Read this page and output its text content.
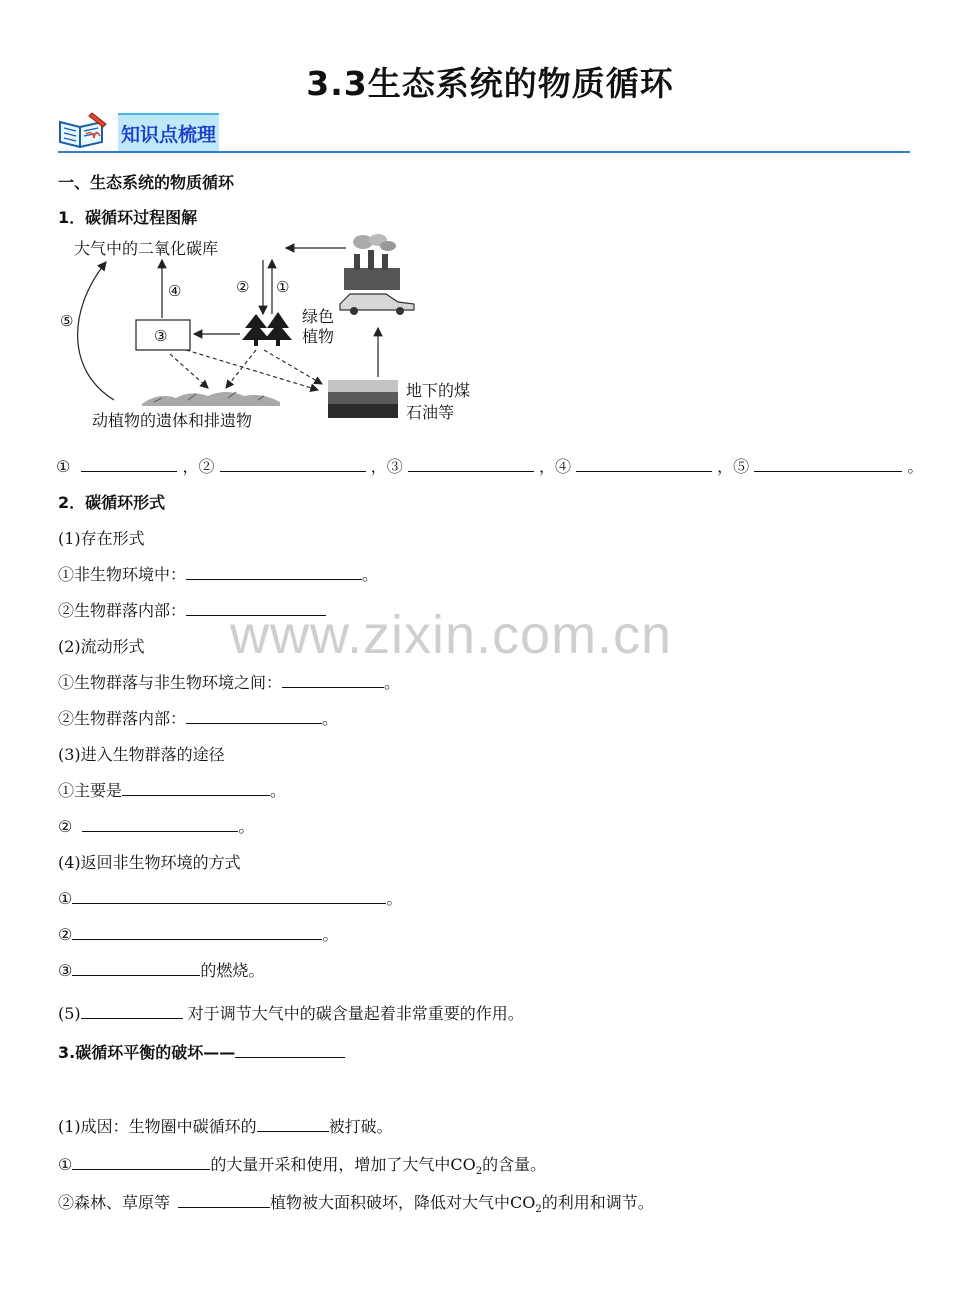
3.3生态系统的物质循环
知识点梳理
一、生态系统的物质循环
1．碳循环过程图解
大气中的二氧化碳库
② ①
绿色
植物
③
④
⑤
动植物的遗体和排遗物
地下的煤
石油等
①	，②	，③	，④	，⑤	。
2．碳循环形式
(1)存在形式
①非生物环境中：	。
②生物群落内部：
(2)流动形式
①生物群落与非生物环境之间：	。
②生物群落内部：	。
(3)进入生物群落的途径
①主要是	。
②	。
(4)返回非生物环境的方式
①	。
②	。
③	的燃烧。
(5)	对于调节大气中的碳含量起着非常重要的作用。
3.碳循环平衡的破坏——
(1)成因：生物圈中碳循环的	被打破。
①	的大量开采和使用，增加了大气中$CO_2$的含量。
②森林、草原等	植物被大面积破坏，降低对大气中$CO_2$的利用和调节。
www.zixin.com.cn
